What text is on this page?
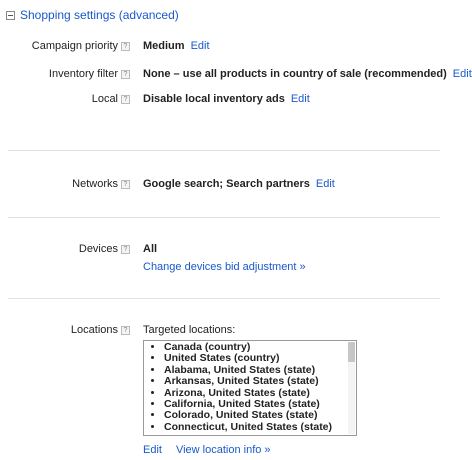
Shopping settings (advanced)
Campaign priority ? Medium Edit
Inventory filter ? None – use all products in country of sale (recommended) Edit
Local ? Disable local inventory ads Edit
Networks ? Google search; Search partners Edit
Devices ? All
Change devices bid adjustment »
Locations ? Targeted locations:
• Canada (country)
• United States (country)
• Alabama, United States (state)
• Arkansas, United States (state)
• Arizona, United States (state)
• California, United States (state)
• Colorado, United States (state)
• Connecticut, United States (state)
Edit View location info »
